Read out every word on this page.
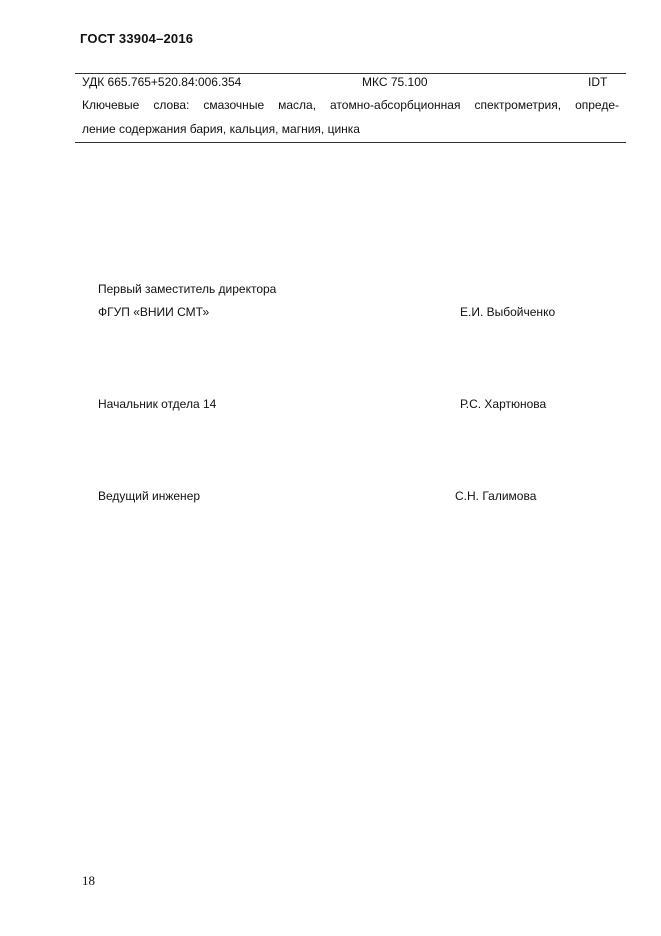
ГОСТ 33904–2016
УДК 665.765+520.84:006.354	МКС 75.100	IDT
Ключевые слова: смазочные масла, атомно-абсорбционная спектрометрия, опреде-
ление содержания бария, кальция, магния, цинка
Первый заместитель директора
ФГУП «ВНИИ СМТ»	Е.И. Выбойченко
Начальник отдела 14	Р.С. Хартюнова
Ведущий инженер	С.Н. Галимова
18
